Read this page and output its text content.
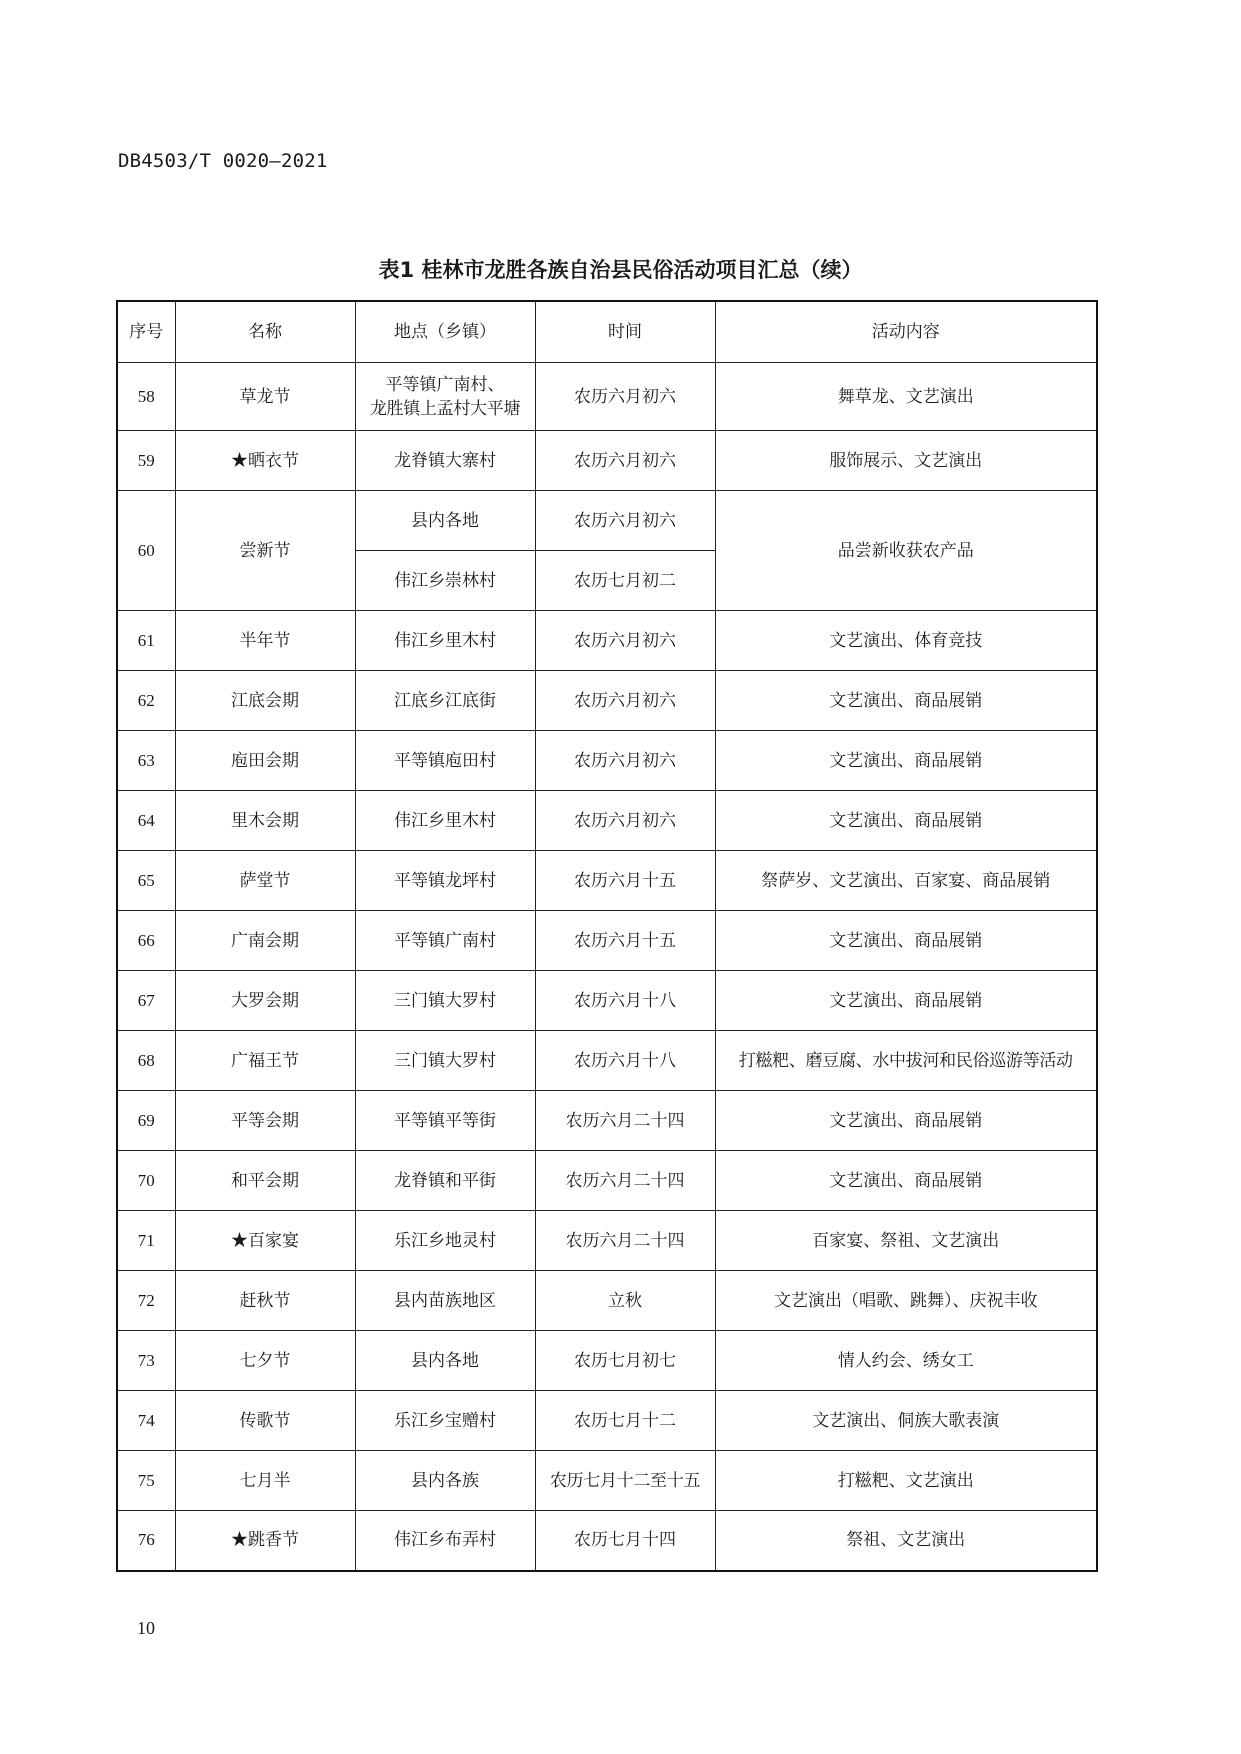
DB4503/T 0020—2021
表1 桂林市龙胜各族自治县民俗活动项目汇总（续）
序号	名称	地点（乡镇）	时间	活动内容
58	草龙节	平等镇广南村、
龙胜镇上孟村大平塘	农历六月初六	舞草龙、文艺演出
59	★晒衣节	龙脊镇大寨村	农历六月初六	服饰展示、文艺演出
60	尝新节	县内各地	农历六月初六	品尝新收获农产品
		伟江乡崇林村	农历七月初二	
61	半年节	伟江乡里木村	农历六月初六	文艺演出、体育竞技
62	江底会期	江底乡江底街	农历六月初六	文艺演出、商品展销
63	庖田会期	平等镇庖田村	农历六月初六	文艺演出、商品展销
64	里木会期	伟江乡里木村	农历六月初六	文艺演出、商品展销
65	萨堂节	平等镇龙坪村	农历六月十五	祭萨岁、文艺演出、百家宴、商品展销
66	广南会期	平等镇广南村	农历六月十五	文艺演出、商品展销
67	大罗会期	三门镇大罗村	农历六月十八	文艺演出、商品展销
68	广福王节	三门镇大罗村	农历六月十八	打糍粑、磨豆腐、水中拔河和民俗巡游等活动
69	平等会期	平等镇平等街	农历六月二十四	文艺演出、商品展销
70	和平会期	龙脊镇和平街	农历六月二十四	文艺演出、商品展销
71	★百家宴	乐江乡地灵村	农历六月二十四	百家宴、祭祖、文艺演出
72	赶秋节	县内苗族地区	立秋	文艺演出（唱歌、跳舞）、庆祝丰收
73	七夕节	县内各地	农历七月初七	情人约会、绣女工
74	传歌节	乐江乡宝赠村	农历七月十二	文艺演出、侗族大歌表演
75	七月半	县内各族	农历七月十二至十五	打糍粑、文艺演出
76	★跳香节	伟江乡布弄村	农历七月十四	祭祖、文艺演出
10
